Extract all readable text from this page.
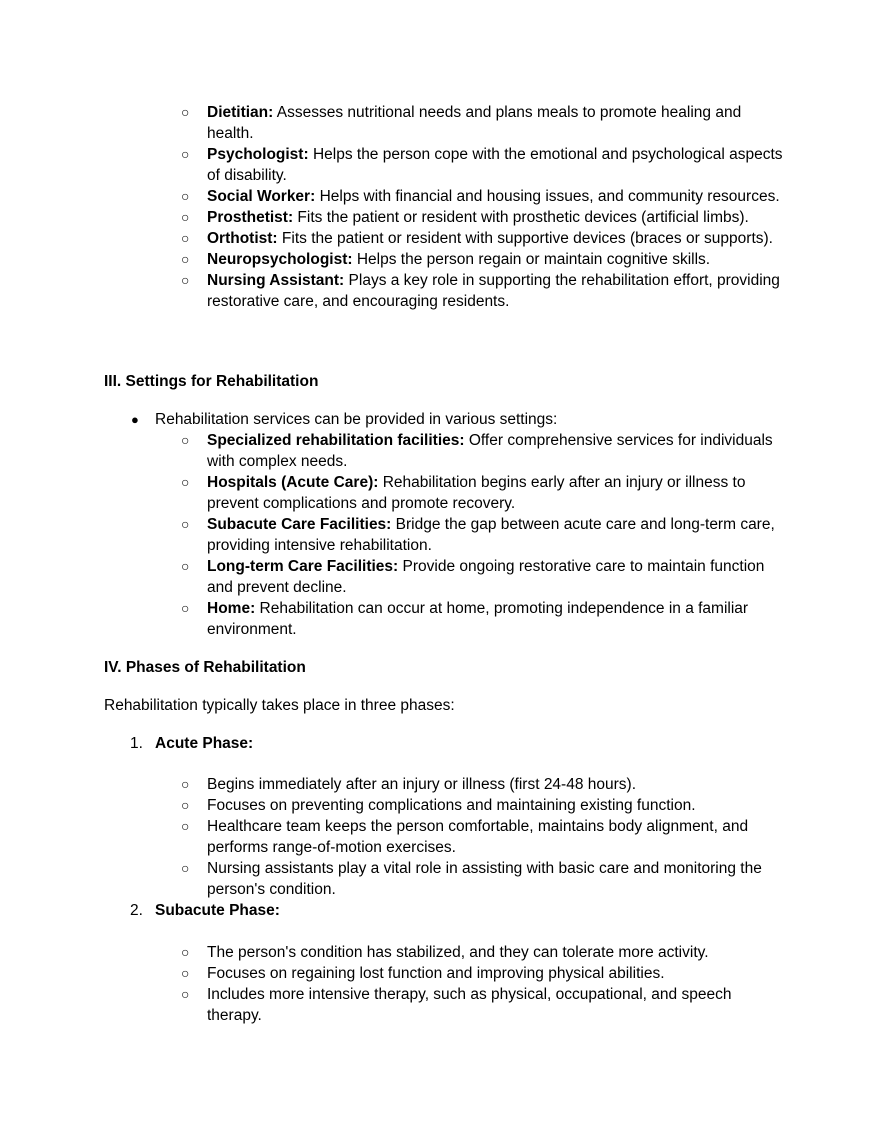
○ Dietitian: Assesses nutritional needs and plans meals to promote healing and health.
○ Psychologist: Helps the person cope with the emotional and psychological aspects of disability.
○ Social Worker: Helps with financial and housing issues, and community resources.
○ Prosthetist: Fits the patient or resident with prosthetic devices (artificial limbs).
○ Orthotist: Fits the patient or resident with supportive devices (braces or supports).
○ Neuropsychologist: Helps the person regain or maintain cognitive skills.
○ Nursing Assistant: Plays a key role in supporting the rehabilitation effort, providing restorative care, and encouraging residents.
III. Settings for Rehabilitation
● Rehabilitation services can be provided in various settings:
○ Specialized rehabilitation facilities: Offer comprehensive services for individuals with complex needs.
○ Hospitals (Acute Care): Rehabilitation begins early after an injury or illness to prevent complications and promote recovery.
○ Subacute Care Facilities: Bridge the gap between acute care and long-term care, providing intensive rehabilitation.
○ Long-term Care Facilities: Provide ongoing restorative care to maintain function and prevent decline.
○ Home: Rehabilitation can occur at home, promoting independence in a familiar environment.
IV. Phases of Rehabilitation
Rehabilitation typically takes place in three phases:
1. Acute Phase:
○ Begins immediately after an injury or illness (first 24-48 hours).
○ Focuses on preventing complications and maintaining existing function.
○ Healthcare team keeps the person comfortable, maintains body alignment, and performs range-of-motion exercises.
○ Nursing assistants play a vital role in assisting with basic care and monitoring the person's condition.
2. Subacute Phase:
○ The person's condition has stabilized, and they can tolerate more activity.
○ Focuses on regaining lost function and improving physical abilities.
○ Includes more intensive therapy, such as physical, occupational, and speech therapy.
